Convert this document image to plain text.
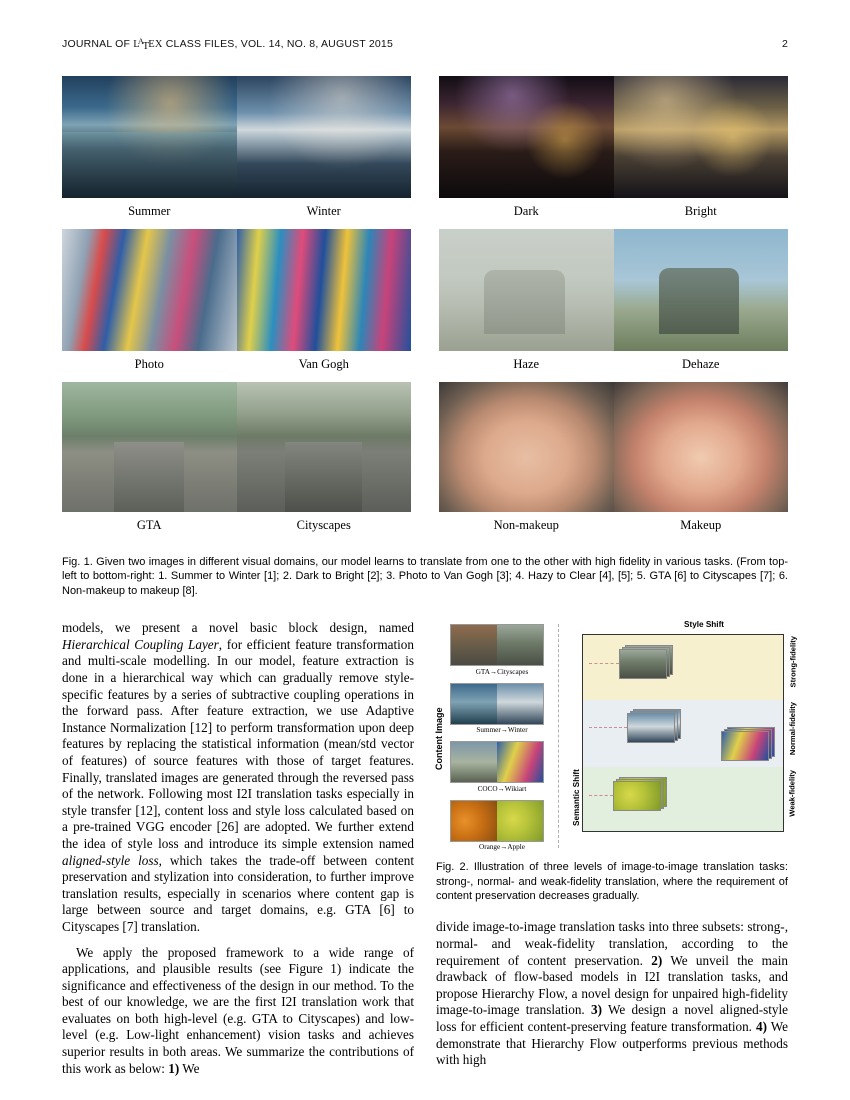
JOURNAL OF $L^ATEX$ CLASS FILES, VOL. 14, NO. 8, AUGUST 2015	2
Summer	Winter	Dark	Bright
Photo	Van Gogh	Haze	Dehaze
GTA	Cityscapes	Non-makeup	Makeup
Fig. 1. Given two images in different visual domains, our model learns to translate from one to the other with high fidelity in various tasks. (From top-left to bottom-right: 1. Summer to Winter [1]; 2. Dark to Bright [2]; 3. Photo to Van Gogh [3]; 4. Hazy to Clear [4], [5]; 5. GTA [6] to Cityscapes [7]; 6. Non-makeup to makeup [8].

models, we present a novel basic block design, named Hierarchical Coupling Layer, for efficient feature transformation and multi-scale modelling. In our model, feature extraction is done in a hierarchical way which can gradually remove style-specific features by a series of subtractive coupling operations in the forward pass. After feature extraction, we use Adaptive Instance Normalization [12] to perform transformation upon deep features by replacing the statistical information (mean/std vector of features) of source features with those of target features. Finally, translated images are generated through the reversed pass of the network. Following most I2I translation tasks especially in style transfer [12], content loss and style loss calculated based on a pre-trained VGG encoder [26] are adopted. We further extend the idea of style loss and introduce its simple extension named aligned-style loss, which takes the trade-off between content preservation and stylization into consideration, to further improve translation results, especially in scenarios where content gap is large between source and target domains, e.g. GTA [6] to Cityscapes [7] translation.

We apply the proposed framework to a wide range of applications, and plausible results (see Figure 1) indicate the significance and effectiveness of the design in our method. To the best of our knowledge, we are the first I2I translation work that evaluates on both high-level (e.g. GTA to Cityscapes) and low-level (e.g. Low-light enhancement) vision tasks and achieves superior results in both areas. We summarize the contributions of this work as below: 1) We

Content Image
GTA→Cityscapes
Summer→Winter
COCO→Wikiart
Orange→Apple
Style Shift
Semantic Shift
Strong-fidelity
Normal-fidelity
Weak-fidelity
Fig. 2. Illustration of three levels of image-to-image translation tasks: strong-, normal- and weak-fidelity translation, where the requirement of content preservation decreases gradually.

divide image-to-image translation tasks into three subsets: strong-, normal- and weak-fidelity translation, according to the requirement of content preservation. 2) We unveil the main drawback of flow-based models in I2I translation tasks, and propose Hierarchy Flow, a novel design for unpaired high-fidelity image-to-image translation. 3) We design a novel aligned-style loss for efficient content-preserving feature transformation. 4) We demonstrate that Hierarchy Flow outperforms previous methods with high
